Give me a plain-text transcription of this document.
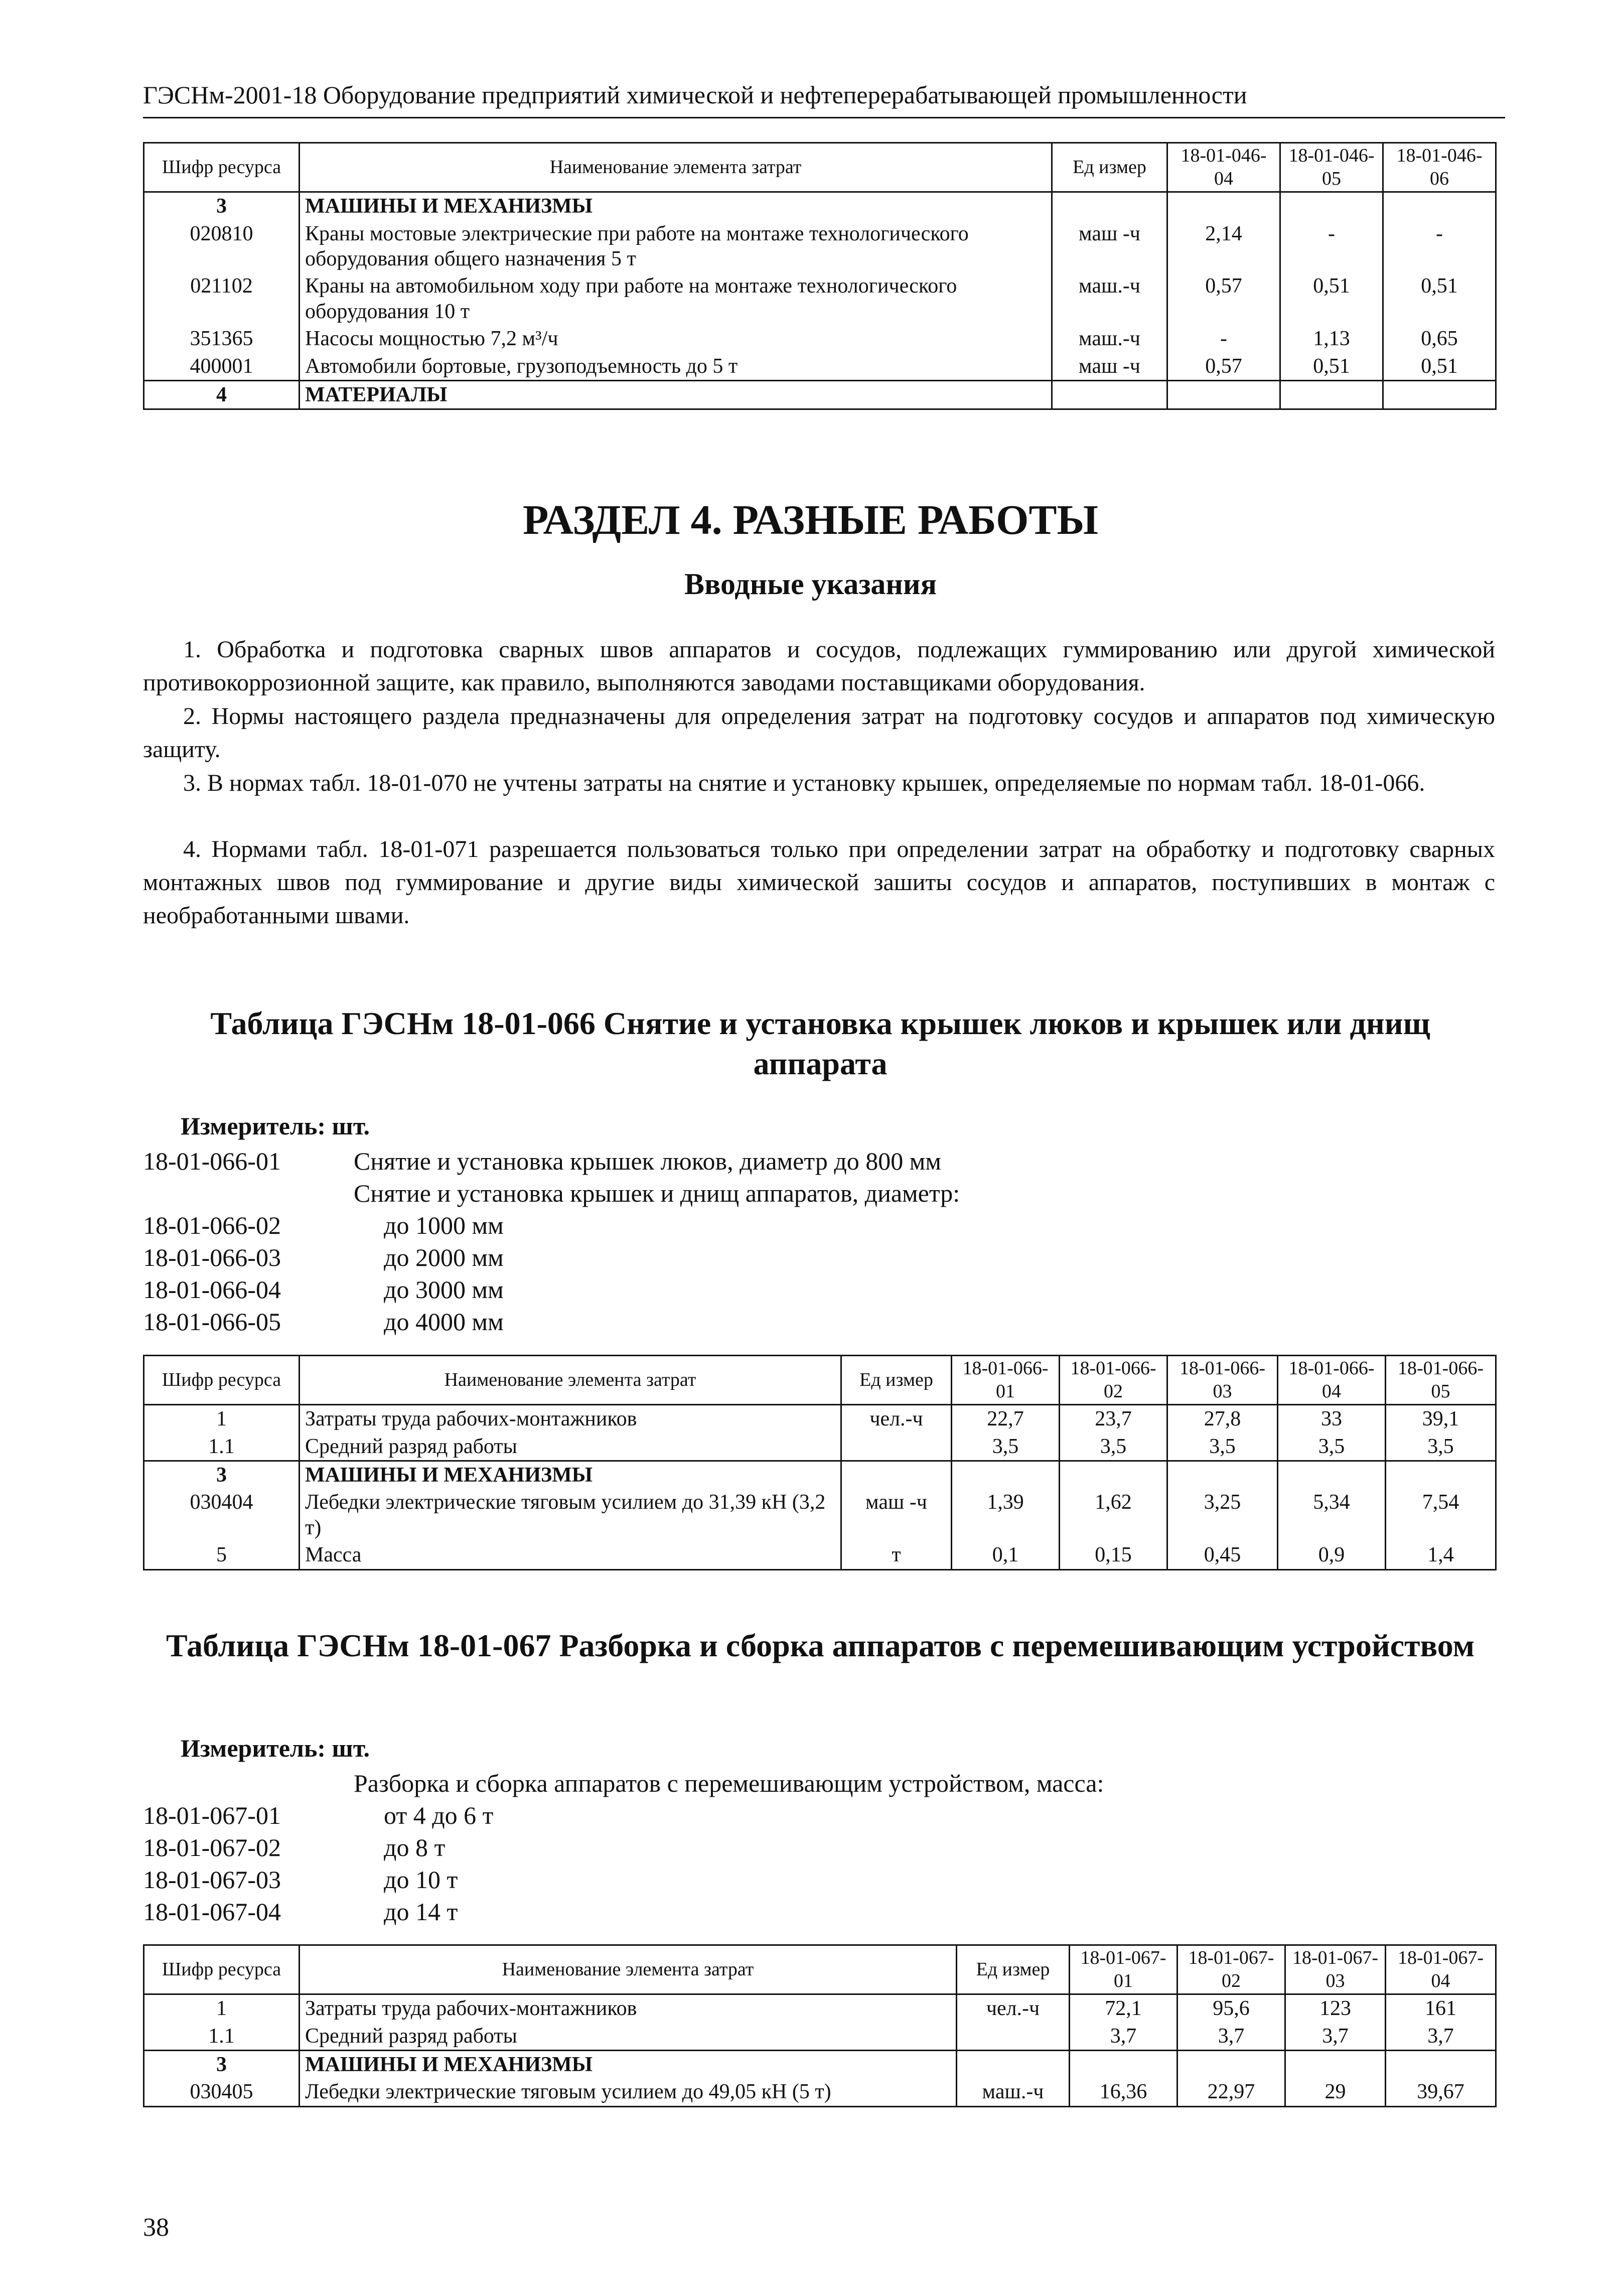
ГЭСНм-2001-18 Оборудование предприятий химической и нефтеперерабатывающей промышленности
Шифр ресурса	Наименование элемента затрат	Ед измер	18-01-046-04	18-01-046-05	18-01-046-06
3	МАШИНЫ И МЕХАНИЗМЫ				
020810	Краны мостовые электрические при работе на монтаже технологического оборудования общего назначения 5 т	маш -ч	2,14	-	-
021102	Краны на автомобильном ходу при работе на монтаже технологического оборудования 10 т	маш.-ч	0,57	0,51	0,51
351365	Насосы мощностью 7,2 м³/ч	маш.-ч	-	1,13	0,65
400001	Автомобили бортовые, грузоподъемность до 5 т	маш -ч	0,57	0,51	0,51
4	МАТЕРИАЛЫ				
РАЗДЕЛ 4. РАЗНЫЕ РАБОТЫ
Вводные указания
1. Обработка и подготовка сварных швов аппаратов и сосудов, подлежащих гуммированию или другой химической противокоррозионной защите, как правило, выполняются заводами поставщиками оборудования.
2. Нормы настоящего раздела предназначены для определения затрат на подготовку сосудов и аппаратов под химическую защиту.
3. В нормах табл. 18-01-070 не учтены затраты на снятие и установку крышек, определяемые по нормам табл. 18-01-066.
4. Нормами табл. 18-01-071 разрешается пользоваться только при определении затрат на обработку и подготовку сварных монтажных швов под гуммирование и другие виды химической зашиты сосудов и аппаратов, поступивших в монтаж с необработанными швами.
Таблица ГЭСНм 18-01-066 Снятие и установка крышек люков и крышек или днищ аппарата
Измеритель: шт.
18-01-066-01	Снятие и установка крышек люков, диаметр до 800 мм
Снятие и установка крышек и днищ аппаратов, диаметр:
18-01-066-02	до 1000 мм
18-01-066-03	до 2000 мм
18-01-066-04	до 3000 мм
18-01-066-05	до 4000 мм
Шифр ресурса	Наименование элемента затрат	Ед измер	18-01-066-01	18-01-066-02	18-01-066-03	18-01-066-04	18-01-066-05
1	Затраты труда рабочих-монтажников	чел.-ч	22,7	23,7	27,8	33	39,1
1.1	Средний разряд работы		3,5	3,5	3,5	3,5	3,5
3	МАШИНЫ И МЕХАНИЗМЫ						
030404	Лебедки электрические тяговым усилием до 31,39 кН (3,2 т)	маш -ч	1,39	1,62	3,25	5,34	7,54
5	Масса	т	0,1	0,15	0,45	0,9	1,4
Таблица ГЭСНм 18-01-067 Разборка и сборка аппаратов с перемешивающим устройством
Измеритель: шт.
Разборка и сборка аппаратов с перемешивающим устройством, масса:
18-01-067-01	от 4 до 6 т
18-01-067-02	до 8 т
18-01-067-03	до 10 т
18-01-067-04	до 14 т
Шифр ресурса	Наименование элемента затрат	Ед измер	18-01-067-01	18-01-067-02	18-01-067-03	18-01-067-04
1	Затраты труда рабочих-монтажников	чел.-ч	72,1	95,6	123	161
1.1	Средний разряд работы		3,7	3,7	3,7	3,7
3	МАШИНЫ И МЕХАНИЗМЫ					
030405	Лебедки электрические тяговым усилием до 49,05 кН (5 т)	маш.-ч	16,36	22,97	29	39,67
38
